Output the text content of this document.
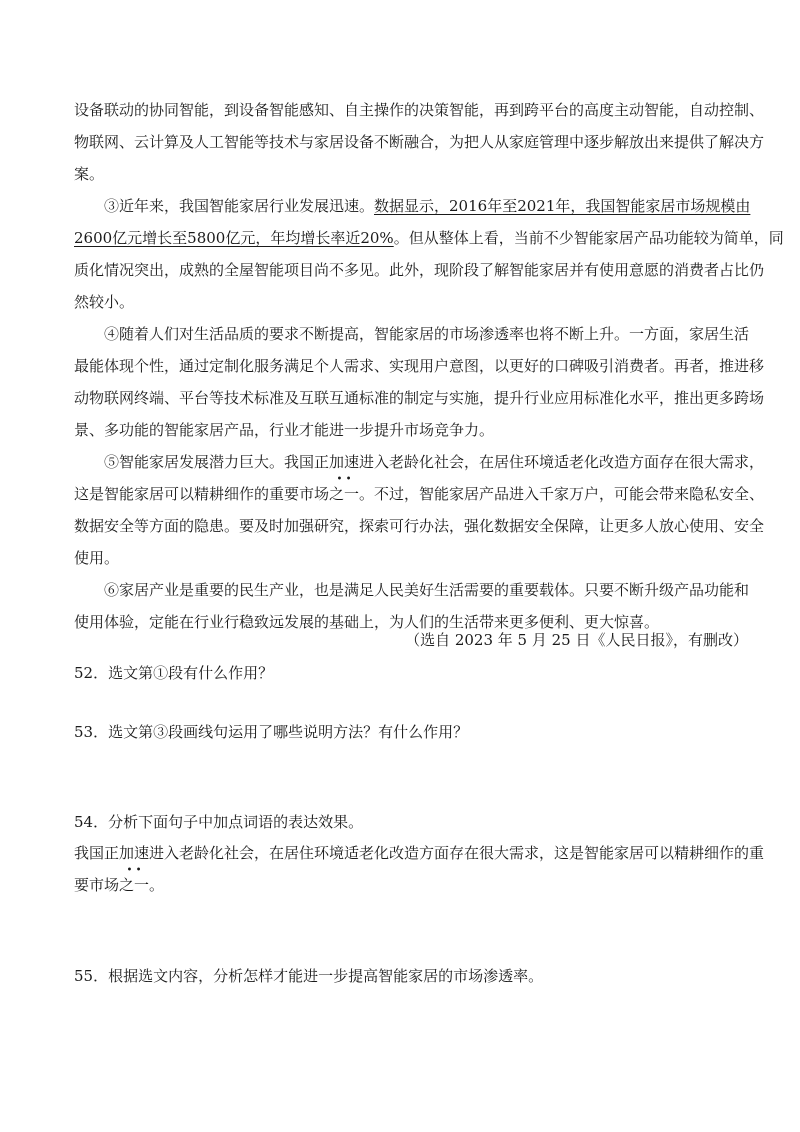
设备联动的协同智能，到设备智能感知、自主操作的决策智能，再到跨平台的高度主动智能，自动控制、
物联网、云计算及人工智能等技术与家居设备不断融合，为把人从家庭管理中逐步解放出来提供了解决方
案。
③近年来，我国智能家居行业发展迅速。数据显示，2016年至2021年，我国智能家居市场规模由
2600亿元增长至5800亿元，年均增长率近20%。但从整体上看，当前不少智能家居产品功能较为简单，同
质化情况突出，成熟的全屋智能项目尚不多见。此外，现阶段了解智能家居并有使用意愿的消费者占比仍
然较小。
④随着人们对生活品质的要求不断提高，智能家居的市场渗透率也将不断上升。一方面，家居生活
最能体现个性，通过定制化服务满足个人需求、实现用户意图，以更好的口碑吸引消费者。再者，推进移
动物联网终端、平台等技术标准及互联互通标准的制定与实施，提升行业应用标准化水平，推出更多跨场
景、多功能的智能家居产品，行业才能进一步提升市场竞争力。
⑤智能家居发展潜力巨大。我国正加速进入老龄化社会，在居住环境适老化改造方面存在很大需求，
这是智能家居可以精耕细作的重要市场
• •
之一。不过，智能家居产品进入千家万户，可能会带来隐私安全、
数据安全等方面的隐患。要及时加强研究，探索可行办法，强化数据安全保障，让更多人放心使用、安全
使用。
⑥家居产业是重要的民生产业，也是满足人民美好生活需要的重要载体。只要不断升级产品功能和
使用体验，定能在行业行稳致远发展的基础上，为人们的生活带来更多便利、更大惊喜。
（选自 2023 年 5 月 25 日《人民日报》，有删改）
52．选文第①段有什么作用？
53．选文第③段画线句运用了哪些说明方法？有什么作用？
54．分析下面句子中加点词语的表达效果。
我国正加速进入老龄化社会，在居住环境适老化改造方面存在很大需求，这是智能家居可以精耕细作的重
要市场
• •
之一。
55．根据选文内容，分析怎样才能进一步提高智能家居的市场渗透率。
